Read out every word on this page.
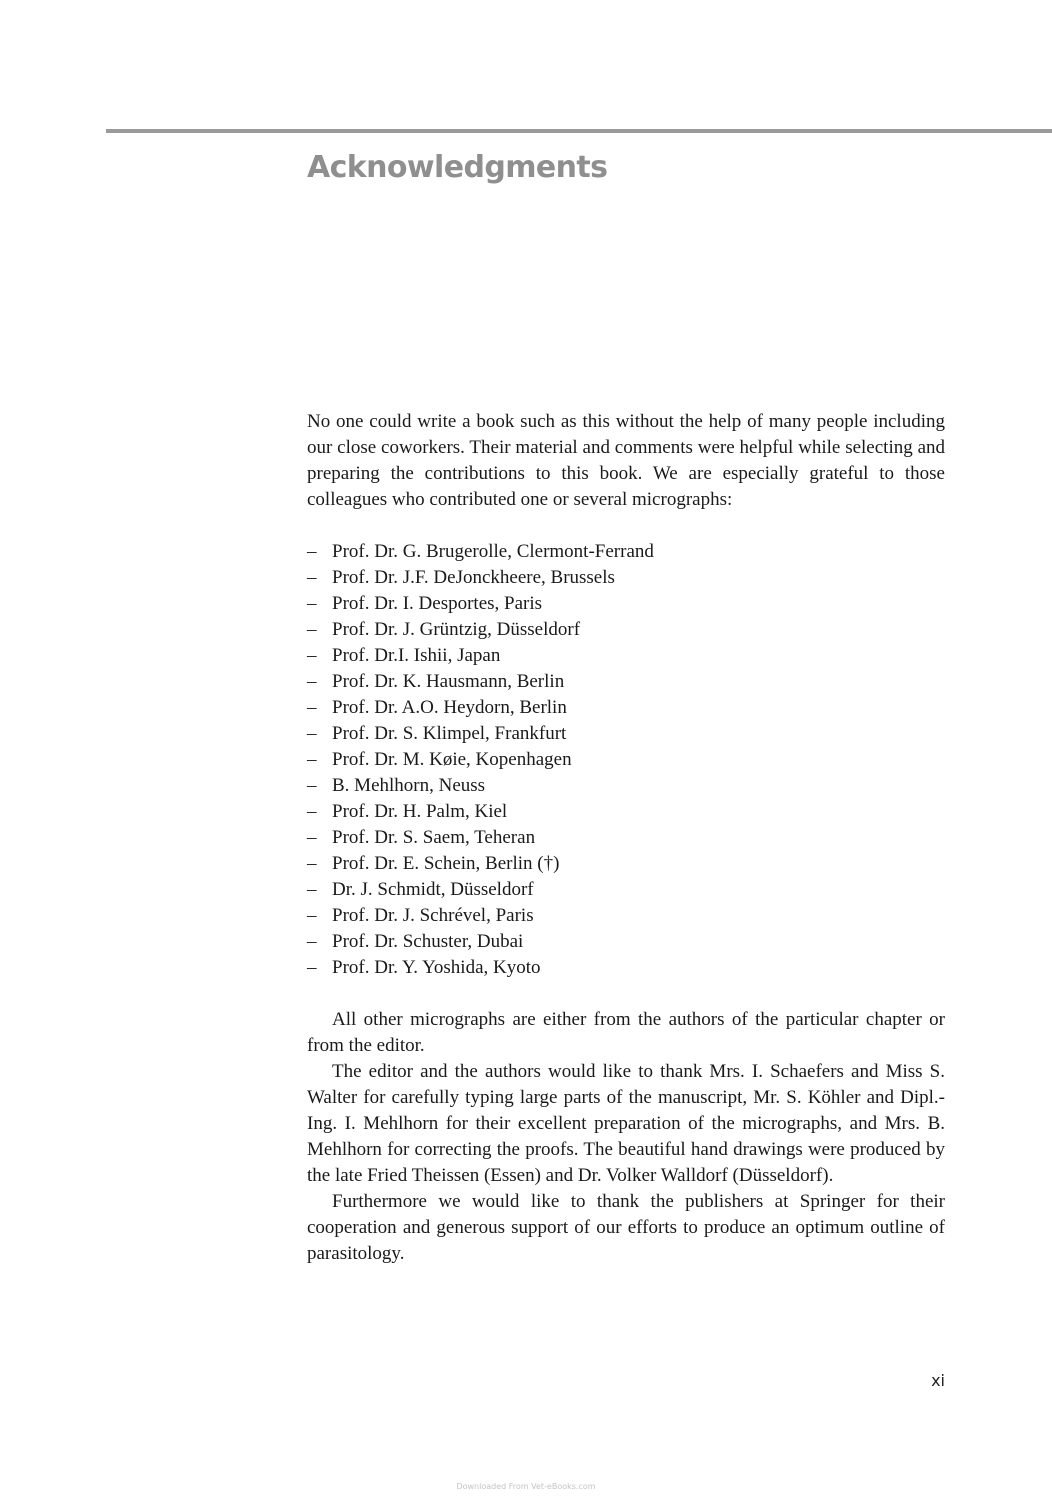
Acknowledgments

No one could write a book such as this without the help of many people including our close coworkers. Their material and comments were helpful while selecting and preparing the contributions to this book. We are especially grateful to those colleagues who contributed one or several micrographs:

– Prof. Dr. G. Brugerolle, Clermont-Ferrand
– Prof. Dr. J.F. DeJonckheere, Brussels
– Prof. Dr. I. Desportes, Paris
– Prof. Dr. J. Grüntzig, Düsseldorf
– Prof. Dr.I. Ishii, Japan
– Prof. Dr. K. Hausmann, Berlin
– Prof. Dr. A.O. Heydorn, Berlin
– Prof. Dr. S. Klimpel, Frankfurt
– Prof. Dr. M. Køie, Kopenhagen
– B. Mehlhorn, Neuss
– Prof. Dr. H. Palm, Kiel
– Prof. Dr. S. Saem, Teheran
– Prof. Dr. E. Schein, Berlin (†)
– Dr. J. Schmidt, Düsseldorf
– Prof. Dr. J. Schrével, Paris
– Prof. Dr. Schuster, Dubai
– Prof. Dr. Y. Yoshida, Kyoto

All other micrographs are either from the authors of the particular chapter or from the editor.

The editor and the authors would like to thank Mrs. I. Schaefers and Miss S. Walter for carefully typing large parts of the manuscript, Mr. S. Köhler and Dipl.-Ing. I. Mehlhorn for their excellent preparation of the micrographs, and Mrs. B. Mehlhorn for correcting the proofs. The beautiful hand drawings were produced by the late Fried Theissen (Essen) and Dr. Volker Walldorf (Düsseldorf).

Furthermore we would like to thank the publishers at Springer for their cooperation and generous support of our efforts to produce an optimum outline of parasitology.

xi
Downloaded From Vet-eBooks.com
